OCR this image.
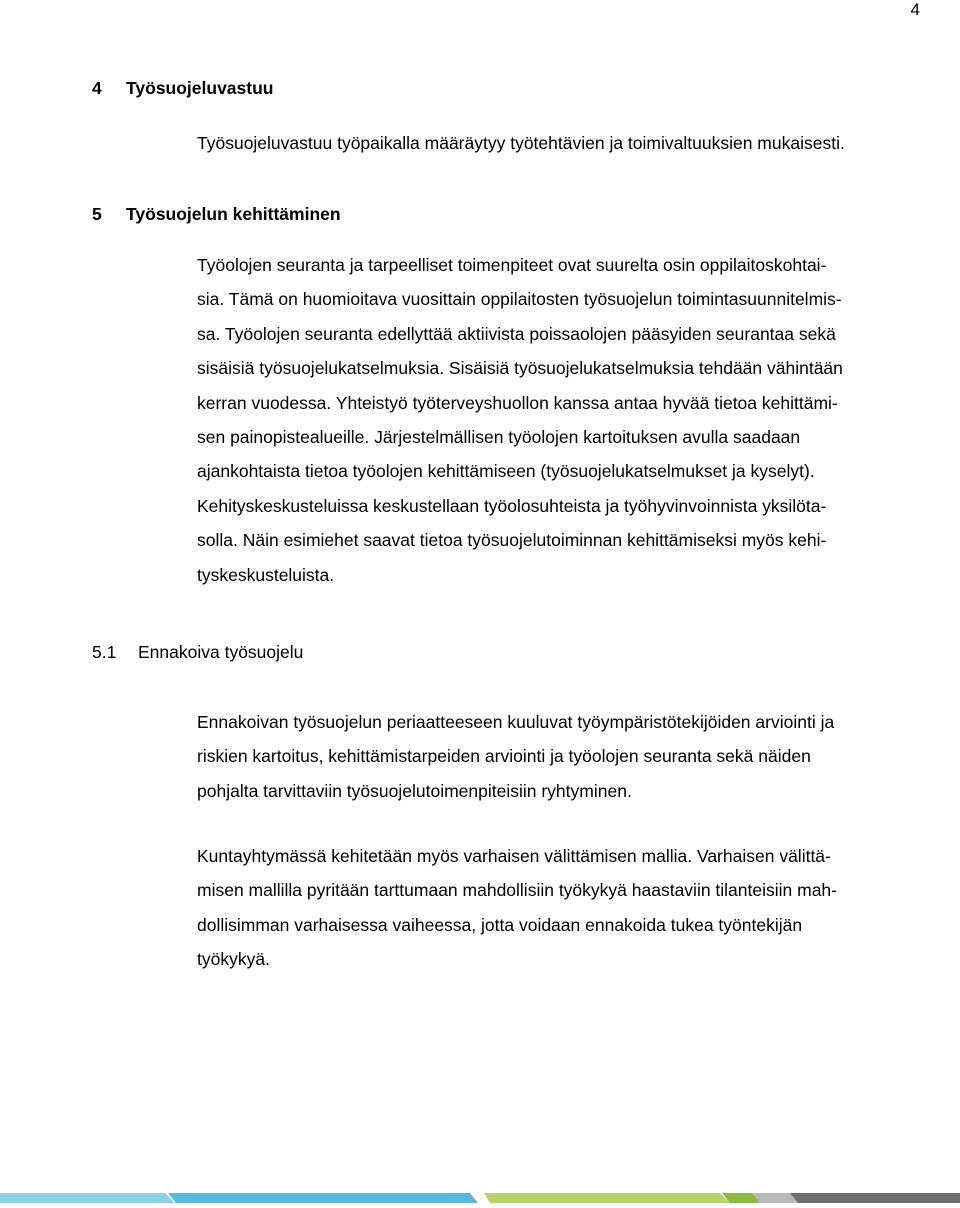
4
4 Työsuojeluvastuu
Työsuojeluvastuu työpaikalla määräytyy työtehtävien ja toimivaltuuksien mukaisesti.
5 Työsuojelun kehittäminen
Työolojen seuranta ja tarpeelliset toimenpiteet ovat suurelta osin oppilaitoskohtai-
sia. Tämä on huomioitava vuosittain oppilaitosten työsuojelun toimintasuunnitelmis-
sa. Työolojen seuranta edellyttää aktiivista poissaolojen pääsyiden seurantaa sekä
sisäisiä työsuojelukatselmuksia. Sisäisiä työsuojelukatselmuksia tehdään vähintään
kerran vuodessa. Yhteistyö työterveyshuollon kanssa antaa hyvää tietoa kehittämi-
sen painopistealueille. Järjestelmällisen työolojen kartoituksen avulla saadaan
ajankohtaista tietoa työolojen kehittämiseen (työsuojelukatselmukset ja kyselyt).
Kehityskeskusteluissa keskustellaan työolosuhteista ja työhyvinvoinnista yksilöta-
solla. Näin esimiehet saavat tietoa työsuojelutoiminnan kehittämiseksi myös kehi-
tyskeskusteluista.
5.1 Ennakoiva työsuojelu
Ennakoivan työsuojelun periaatteeseen kuuluvat työympäristötekijöiden arviointi ja
riskien kartoitus, kehittämistarpeiden arviointi ja työolojen seuranta sekä näiden
pohjalta tarvittaviin työsuojelutoimenpiteisiin ryhtyminen.
Kuntayhtymässä kehitetään myös varhaisen välittämisen mallia. Varhaisen välittä-
misen mallilla pyritään tarttumaan mahdollisiin työkykyä haastaviin tilanteisiin mah-
dollisimman varhaisessa vaiheessa, jotta voidaan ennakoida tukea työntekijän
työkykyä.
